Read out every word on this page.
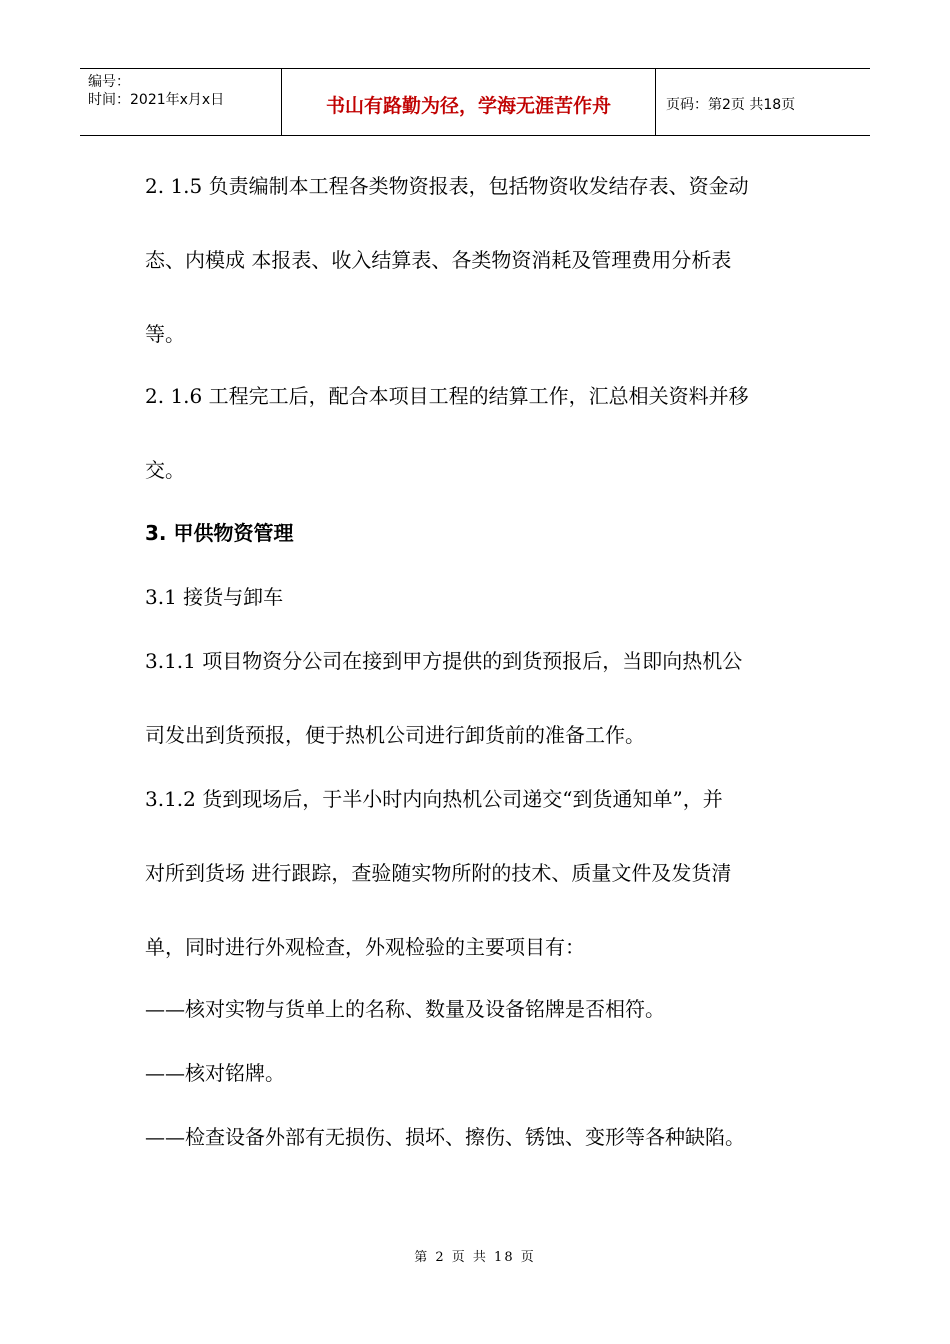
编号：
时间：2021年x月x日	书山有路勤为径，学海无涯苦作舟	页码：第2页 共18页
2. 1.5 负责编制本工程各类物资报表，包括物资收发结存表、资金动
态、内模成 本报表、收入结算表、各类物资消耗及管理费用分析表
等。
2. 1.6 工程完工后，配合本项目工程的结算工作，汇总相关资料并移
交。
3. 甲供物资管理
3.1 接货与卸车
3.1.1 项目物资分公司在接到甲方提供的到货预报后，当即向热机公
司发出到货预报，便于热机公司进行卸货前的准备工作。
3.1.2 货到现场后，于半小时内向热机公司递交“到货通知单”，并
对所到货场 进行跟踪，查验随实物所附的技术、质量文件及发货清
单，同时进行外观检查，外观检验的主要项目有：
——核对实物与货单上的名称、数量及设备铭牌是否相符。
——核对铭牌。
——检查设备外部有无损伤、损坏、擦伤、锈蚀、变形等各种缺陷。
第 2 页 共 18 页
